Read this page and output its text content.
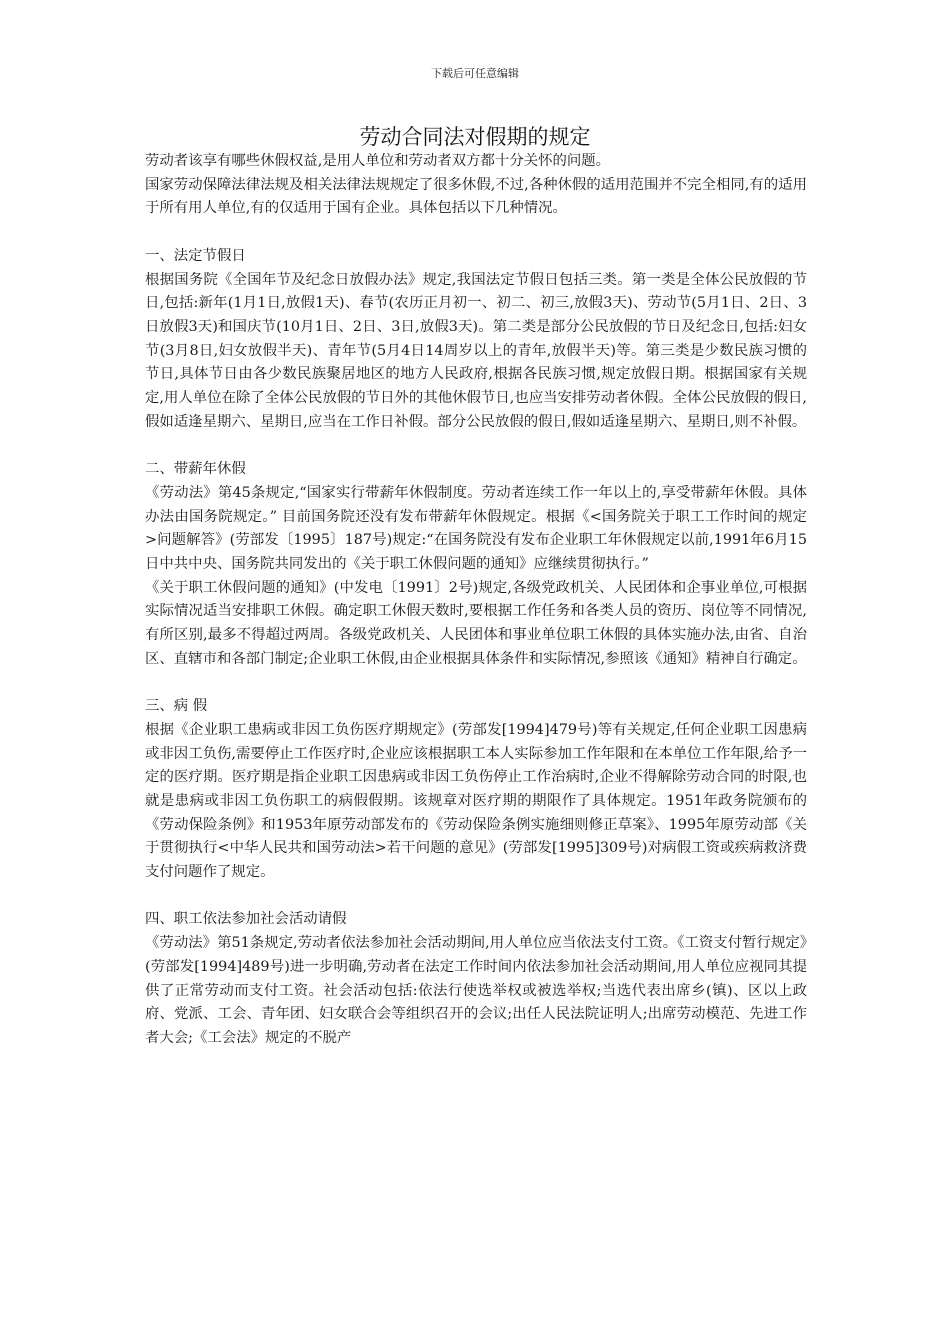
下载后可任意编辑
劳动合同法对假期的规定

劳动者该享有哪些休假权益,是用人单位和劳动者双方都十分关怀的问题。

国家劳动保障法律法规及相关法律法规规定了很多休假,不过,各种休假的适用范围并不完全相同,有的适用于所有用人单位,有的仅适用于国有企业。具体包括以下几种情况。

一、法定节假日

根据国务院《全国年节及纪念日放假办法》规定,我国法定节假日包括三类。第一类是全体公民放假的节日,包括:新年(1月1日,放假1天)、春节(农历正月初一、初二、初三,放假3天)、劳动节(5月1日、2日、3日放假3天)和国庆节(10月1日、2日、3日,放假3天)。第二类是部分公民放假的节日及纪念日,包括:妇女节(3月8日,妇女放假半天)、青年节(5月4日14周岁以上的青年,放假半天)等。第三类是少数民族习惯的节日,具体节日由各少数民族聚居地区的地方人民政府,根据各民族习惯,规定放假日期。根据国家有关规定,用人单位在除了全体公民放假的节日外的其他休假节日,也应当安排劳动者休假。全体公民放假的假日,假如适逢星期六、星期日,应当在工作日补假。部分公民放假的假日,假如适逢星期六、星期日,则不补假。

二、带薪年休假

《劳动法》第45条规定,“国家实行带薪年休假制度。劳动者连续工作一年以上的,享受带薪年休假。具体办法由国务院规定。” 目前国务院还没有发布带薪年休假规定。根据《<国务院关于职工工作时间的规定>问题解答》(劳部发〔1995〕187号)规定:“在国务院没有发布企业职工年休假规定以前,1991年6月15日中共中央、国务院共同发出的《关于职工休假问题的通知》应继续贯彻执行。”

《关于职工休假问题的通知》(中发电〔1991〕2号)规定,各级党政机关、人民团体和企事业单位,可根据实际情况适当安排职工休假。确定职工休假天数时,要根据工作任务和各类人员的资历、岗位等不同情况,有所区别,最多不得超过两周。各级党政机关、人民团体和事业单位职工休假的具体实施办法,由省、自治区、直辖市和各部门制定;企业职工休假,由企业根据具体条件和实际情况,参照该《通知》精神自行确定。

三、病 假

根据《企业职工患病或非因工负伤医疗期规定》(劳部发[1994]479号)等有关规定,任何企业职工因患病或非因工负伤,需要停止工作医疗时,企业应该根据职工本人实际参加工作年限和在本单位工作年限,给予一定的医疗期。医疗期是指企业职工因患病或非因工负伤停止工作治病时,企业不得解除劳动合同的时限,也就是患病或非因工负伤职工的病假假期。该规章对医疗期的期限作了具体规定。1951年政务院颁布的《劳动保险条例》和1953年原劳动部发布的《劳动保险条例实施细则修正草案》、1995年原劳动部《关于贯彻执行<中华人民共和国劳动法>若干问题的意见》(劳部发[1995]309号)对病假工资或疾病救济费支付问题作了规定。

四、职工依法参加社会活动请假

《劳动法》第51条规定,劳动者依法参加社会活动期间,用人单位应当依法支付工资。《工资支付暂行规定》(劳部发[1994]489号)进一步明确,劳动者在法定工作时间内依法参加社会活动期间,用人单位应视同其提供了正常劳动而支付工资。社会活动包括:依法行使选举权或被选举权;当选代表出席乡(镇)、区以上政府、党派、工会、青年团、妇女联合会等组织召开的会议;出任人民法院证明人;出席劳动模范、先进工作者大会;《工会法》规定的不脱产
